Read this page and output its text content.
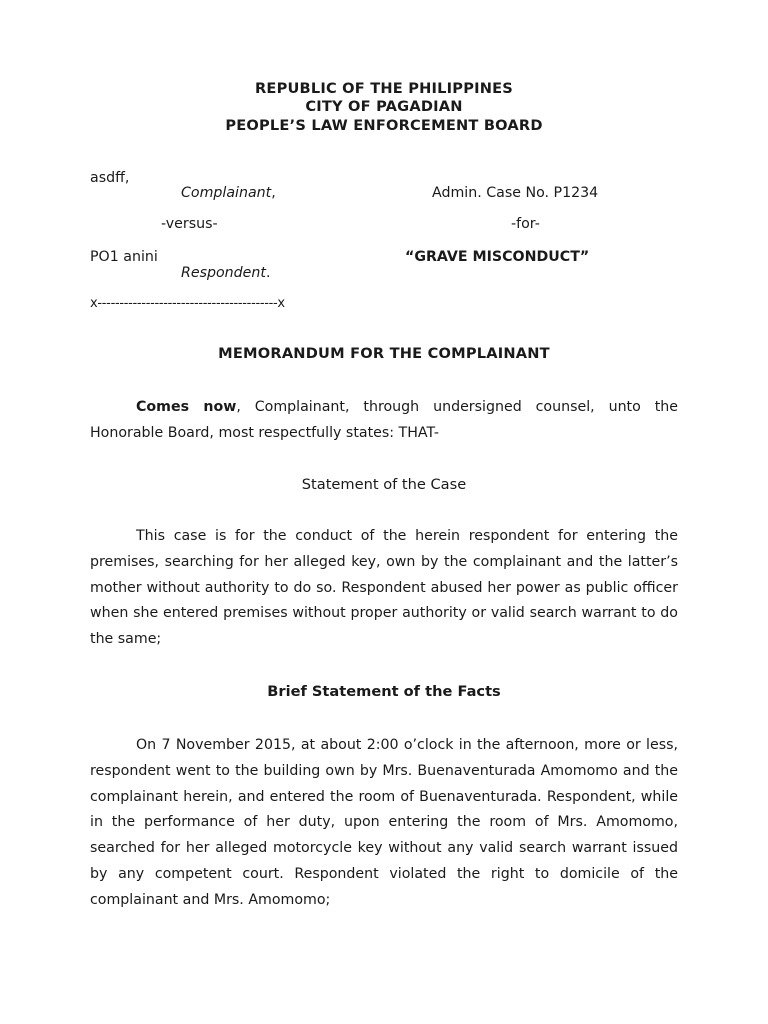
REPUBLIC OF THE PHILIPPINES
CITY OF PAGADIAN
PEOPLE’S LAW ENFORCEMENT BOARD
asdff,
Complainant,	Admin. Case No. P1234
-versus-	-for-
PO1 anini	“GRAVE MISCONDUCT”
Respondent.
x-----------------------------------------x
MEMORANDUM FOR THE COMPLAINANT
Comes now, Complainant, through undersigned counsel, unto the Honorable Board, most respectfully states: THAT-
Statement of the Case
This case is for the conduct of the herein respondent for entering the premises, searching for her alleged key, own by the complainant and the latter’s mother without authority to do so. Respondent abused her power as public officer when she entered premises without proper authority or valid search warrant to do the same;
Brief Statement of the Facts
On 7 November 2015, at about 2:00 o’clock in the afternoon, more or less, respondent went to the building own by Mrs. Buenaventurada Amomomo and the complainant herein, and entered the room of Buenaventurada. Respondent, while in the performance of her duty, upon entering the room of Mrs. Amomomo, searched for her alleged motorcycle key without any valid search warrant issued by any competent court. Respondent violated the right to domicile of the complainant and Mrs. Amomomo;
